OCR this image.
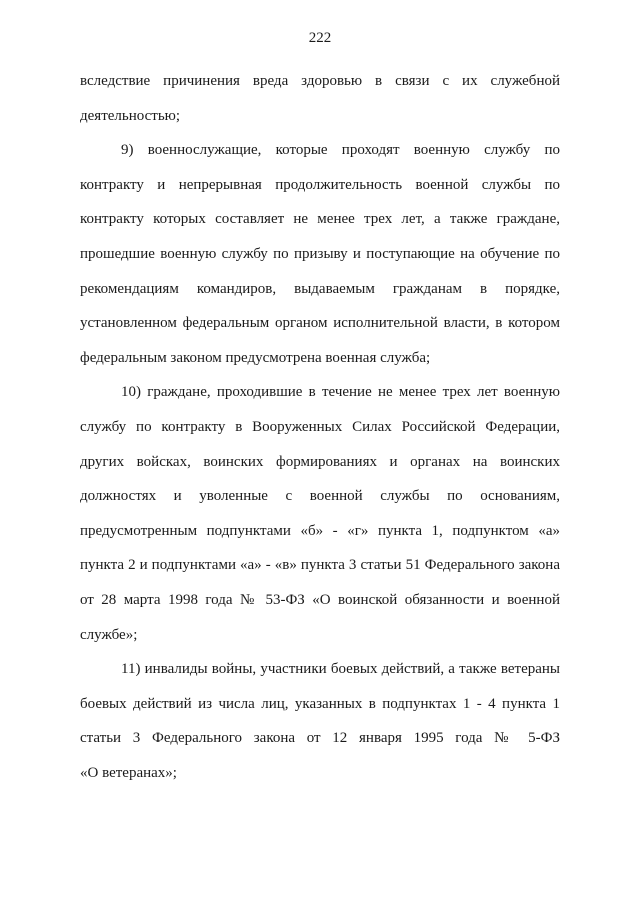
222
вследствие причинения вреда здоровью в связи с их служебной
деятельностью;
9) военнослужащие, которые проходят военную службу по
контракту и непрерывная продолжительность военной службы по
контракту которых составляет не менее трех лет, а также граждане,
прошедшие военную службу по призыву и поступающие на обучение по
рекомендациям командиров, выдаваемым гражданам в порядке,
установленном федеральным органом исполнительной власти, в котором
федеральным законом предусмотрена военная служба;
10) граждане, проходившие в течение не менее трех лет военную
службу по контракту в Вооруженных Силах Российской Федерации,
других войсках, воинских формированиях и органах на воинских
должностях и уволенные с военной службы по основаниям,
предусмотренным подпунктами «б» - «г» пункта 1, подпунктом «а»
пункта 2 и подпунктами «а» - «в» пункта 3 статьи 51 Федерального закона
от 28 марта 1998 года № 53-ФЗ «О воинской обязанности и военной
службе»;
11) инвалиды войны, участники боевых действий, а также ветераны
боевых действий из числа лиц, указанных в подпунктах 1 - 4 пункта 1
статьи 3 Федерального закона от 12 января 1995 года № 5-ФЗ
«О ветеранах»;
